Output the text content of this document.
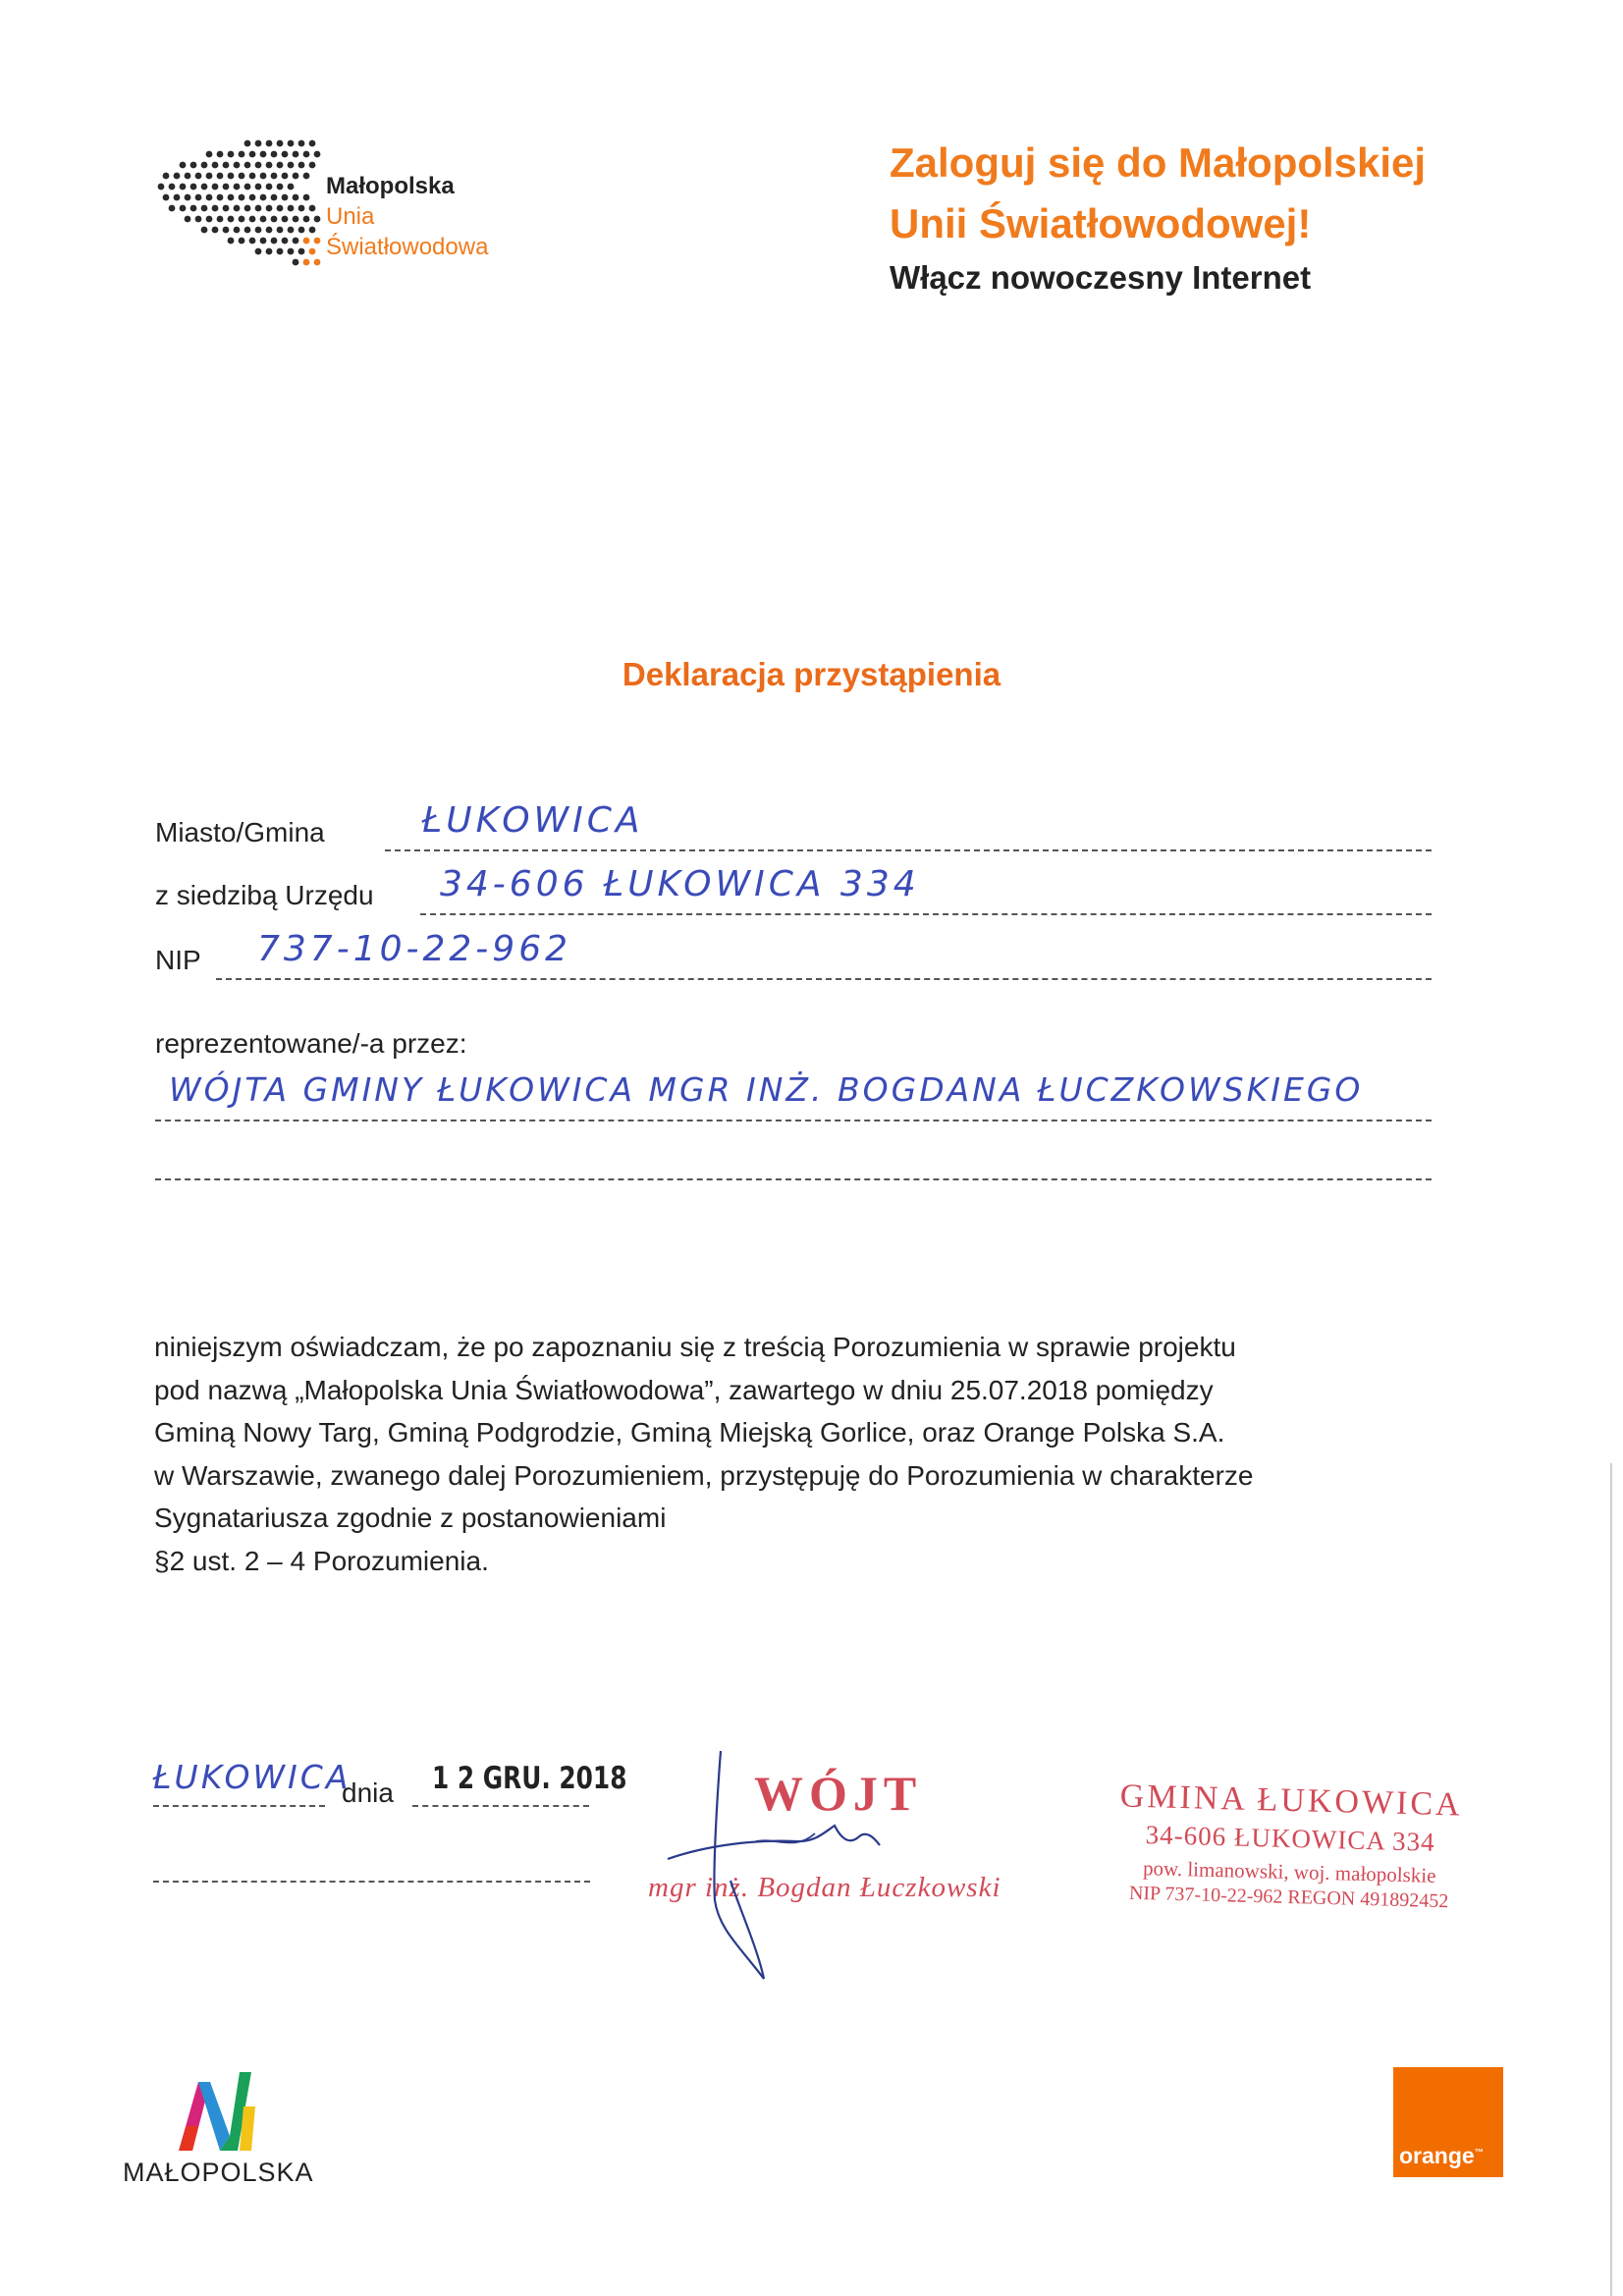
Małopolska
Unia
Światłowodowa
Zaloguj się do Małopolskiej
Unii Światłowodowej!
Włącz nowoczesny Internet
Deklaracja przystąpienia
Miasto/Gmina	ŁUKOWICA
z siedzibą Urzędu 34-606 ŁUKOWICA 334
NIP 737-10-22-962
reprezentowane/-a przez:
WÓJTA GMINY ŁUKOWICA MGR INŻ. BOGDANA ŁUCZKOWSKIEGO

niniejszym oświadczam, że po zapoznaniu się z treścią Porozumienia w sprawie projektu

pod nazwą „Małopolska Unia Światłowodowa”, zawartego w dniu 25.07.2018 pomiędzy

Gminą Nowy Targ, Gminą Podgrodzie, Gminą Miejską Gorlice, oraz Orange Polska S.A.

w Warszawie, zwanego dalej Porozumieniem, przystępuję do Porozumienia w charakterze

Sygnatariusza zgodnie z postanowieniami

§2 ust. 2 – 4 Porozumienia.

ŁUKOWICA
dnia 1 2 GRU. 2018	WÓJT
mgr inż. Bogdan Łuczkowski
GMINA ŁUKOWICA
34-606 ŁUKOWICA 334
pow. limanowski, woj. małopolskie
NIP 737-10-22-962 REGON 491892452
MAŁOPOLSKA
orange™
